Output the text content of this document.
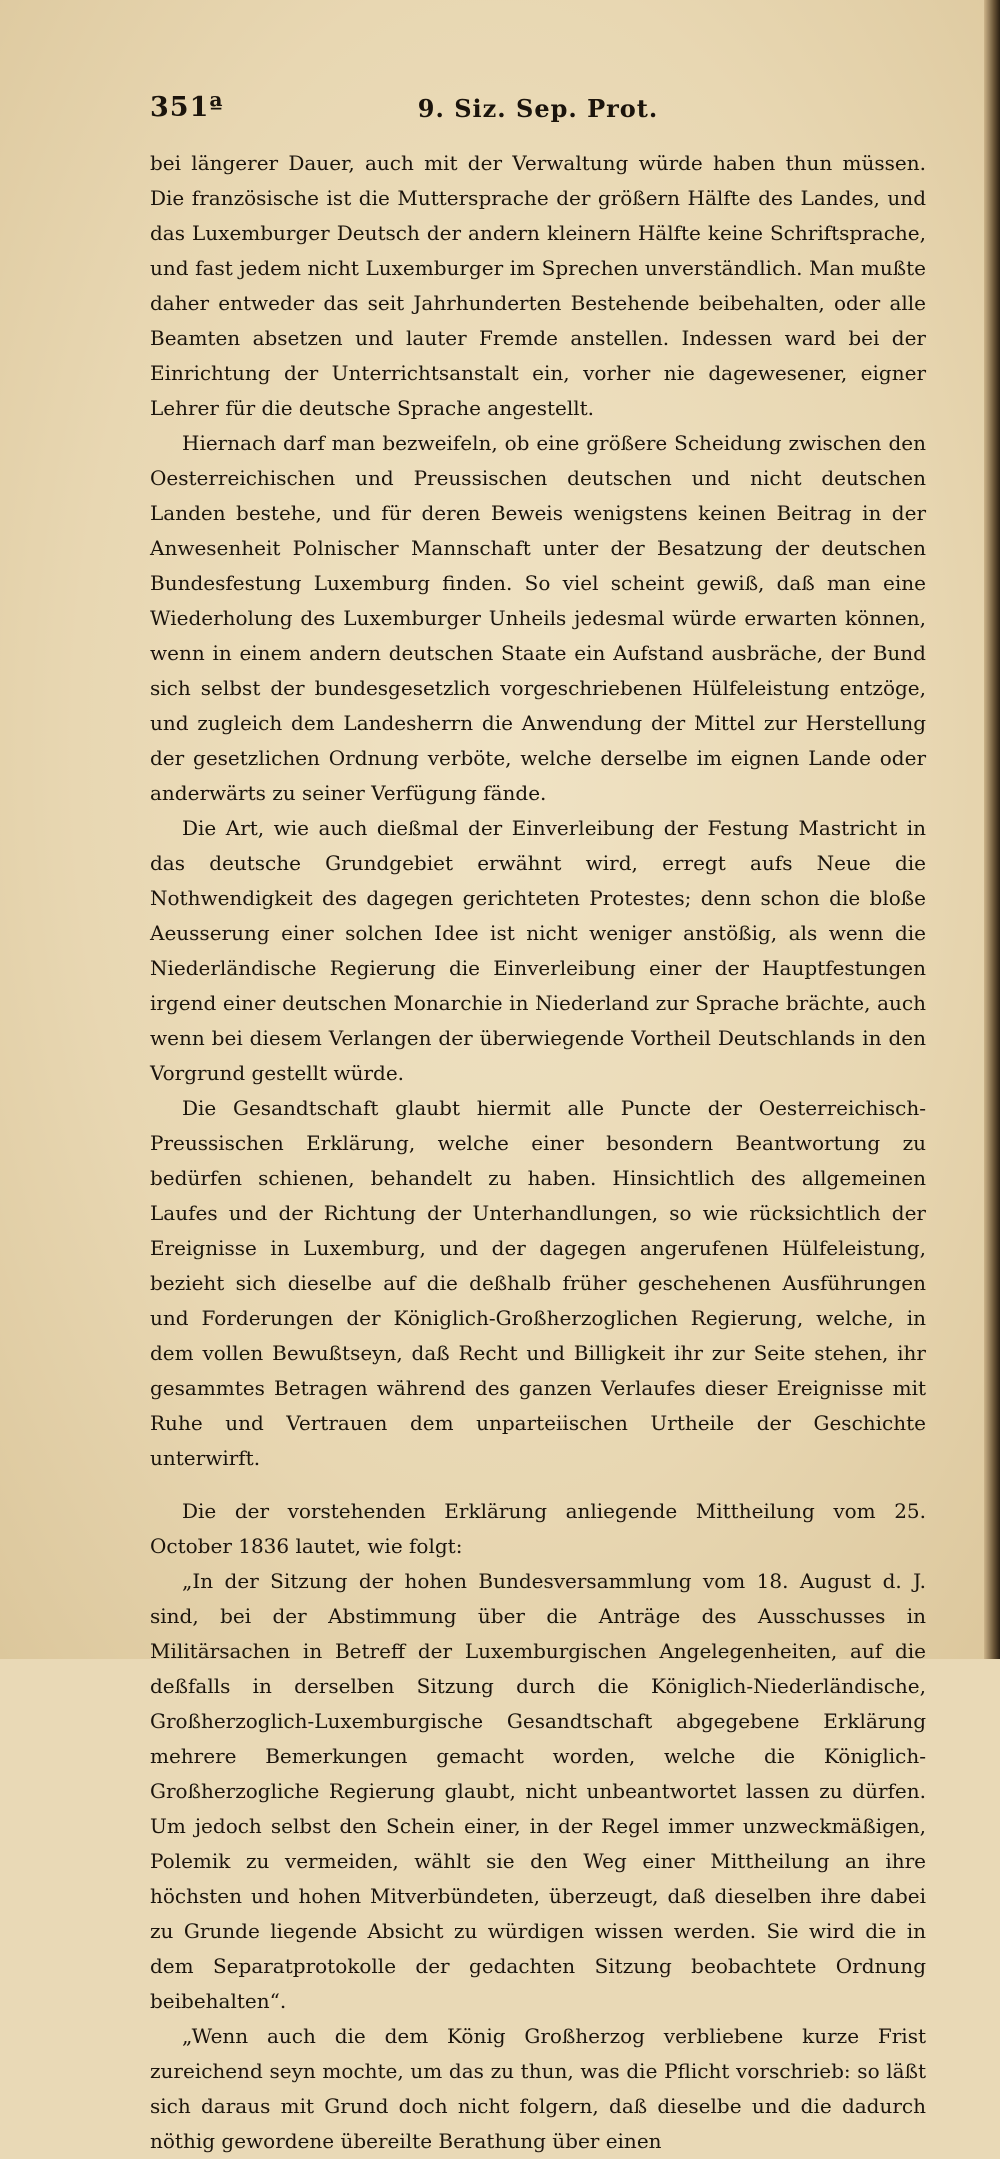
351ª	9. Siz. Sep. Prot.

bei längerer Dauer, auch mit der Verwaltung würde haben thun müssen. Die französische ist die Muttersprache der größern Hälfte des Landes, und das Luxemburger Deutsch der andern kleinern Hälfte keine Schriftsprache, und fast jedem nicht Luxemburger im Sprechen unverständlich. Man mußte daher entweder das seit Jahrhunderten Bestehende beibehalten, oder alle Beamten absetzen und lauter Fremde anstellen. Indessen ward bei der Einrichtung der Unterrichtsanstalt ein, vorher nie dagewesener, eigner Lehrer für die deutsche Sprache angestellt.

Hiernach darf man bezweifeln, ob eine größere Scheidung zwischen den Oesterreichischen und Preussischen deutschen und nicht deutschen Landen bestehe, und für deren Beweis wenigstens keinen Beitrag in der Anwesenheit Polnischer Mannschaft unter der Besatzung der deutschen Bundesfestung Luxemburg finden. So viel scheint gewiß, daß man eine Wiederholung des Luxemburger Unheils jedesmal würde erwarten können, wenn in einem andern deutschen Staate ein Aufstand ausbräche, der Bund sich selbst der bundesgesetzlich vorgeschriebenen Hülfeleistung entzöge, und zugleich dem Landesherrn die Anwendung der Mittel zur Herstellung der gesetzlichen Ordnung verböte, welche derselbe im eignen Lande oder anderwärts zu seiner Verfügung fände.

Die Art, wie auch dießmal der Einverleibung der Festung Mastricht in das deutsche Grundgebiet erwähnt wird, erregt aufs Neue die Nothwendigkeit des dagegen gerichteten Protestes; denn schon die bloße Aeusserung einer solchen Idee ist nicht weniger anstößig, als wenn die Niederländische Regierung die Einverleibung einer der Hauptfestungen irgend einer deutschen Monarchie in Niederland zur Sprache brächte, auch wenn bei diesem Verlangen der überwiegende Vortheil Deutschlands in den Vorgrund gestellt würde.

Die Gesandtschaft glaubt hiermit alle Puncte der Oesterreichisch-Preussischen Erklärung, welche einer besondern Beantwortung zu bedürfen schienen, behandelt zu haben. Hinsichtlich des allgemeinen Laufes und der Richtung der Unterhandlungen, so wie rücksichtlich der Ereignisse in Luxemburg, und der dagegen angerufenen Hülfeleistung, bezieht sich dieselbe auf die deßhalb früher geschehenen Ausführungen und Forderungen der Königlich-Großherzoglichen Regierung, welche, in dem vollen Bewußtseyn, daß Recht und Billigkeit ihr zur Seite stehen, ihr gesammtes Betragen während des ganzen Verlaufes dieser Ereignisse mit Ruhe und Vertrauen dem unparteiischen Urtheile der Geschichte unterwirft.

Die der vorstehenden Erklärung anliegende Mittheilung vom 25. October 1836 lautet, wie folgt:

„In der Sitzung der hohen Bundesversammlung vom 18. August d. J. sind, bei der Abstimmung über die Anträge des Ausschusses in Militärsachen in Betreff der Luxemburgischen Angelegenheiten, auf die deßfalls in derselben Sitzung durch die Königlich-Niederländische, Großherzoglich-Luxemburgische Gesandtschaft abgegebene Erklärung mehrere Bemerkungen gemacht worden, welche die Königlich-Großherzogliche Regierung glaubt, nicht unbeantwortet lassen zu dürfen. Um jedoch selbst den Schein einer, in der Regel immer unzweckmäßigen, Polemik zu vermeiden, wählt sie den Weg einer Mittheilung an ihre höchsten und hohen Mitverbündeten, überzeugt, daß dieselben ihre dabei zu Grunde liegende Absicht zu würdigen wissen werden. Sie wird die in dem Separatprotokolle der gedachten Sitzung beobachtete Ordnung beibehalten“.

„Wenn auch die dem König Großherzog verbliebene kurze Frist zureichend seyn mochte, um das zu thun, was die Pflicht vorschrieb: so läßt sich daraus mit Grund doch nicht folgern, daß dieselbe und die dadurch nöthig gewordene übereilte Berathung über einen
